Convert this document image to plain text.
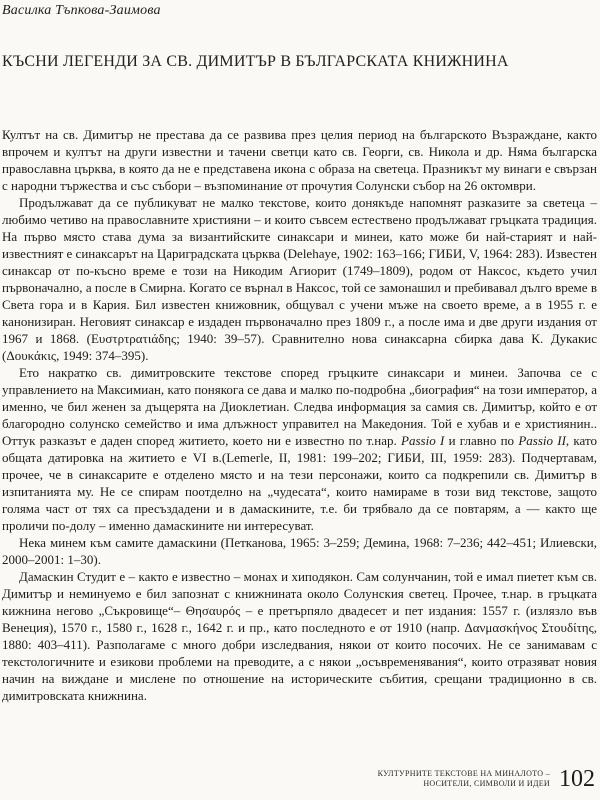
Василка Тъпкова-Заимова
КЪСНИ ЛЕГЕНДИ ЗА СВ. ДИМИТЪР В БЪЛГАРСКАТА КНИЖНИНА

Култът на св. Димитър не престава да се развива през целия период на българското Възраждане, както впрочем и култът на други известни и тачени светци като св. Георги, св. Никола и др. Няма българска православна църква, в която да не е представена икона с образа на светеца. Празникът му винаги е свързан с народни тържества и със събори – възпоминание от прочутия Солунски събор на 26 октомври.

Продължават да се публикуват не малко текстове, които донякъде напомнят разказите за светеца – любимо четиво на православните християни – и които съвсем естествено продължават гръцката традиция. На първо място става дума за византийските синаксари и минеи, като може би най-старият и най-известният е синаксарът на Цариградската църква (Delehaye, 1902: 163–166; ГИБИ, V, 1964: 283). Известен синаксар от по-късно време е този на Никодим Агиорит (1749–1809), родом от Наксос, където учил първоначално, а после в Смирна. Когато се върнал в Наксос, той се замонашил и пребивавал дълго време в Света гора и в Кария. Бил известен книжовник, общувал с учени мъже на своето време, а в 1955 г. е канонизиран. Неговият синаксар е издаден първоначално през 1809 г., а после има и две други издания от 1967 и 1868. (Ευστρτρατιάδης; 1940: 39–57). Сравнително нова синаксарна сбирка дава К. Дукакис (Δουκάκις, 1949: 374–395).

Ето накратко св. димитровските текстове според гръцките синаксари и минеи. Започва се с управлението на Максимиан, като понякога се дава и малко по-подробна „биография“ на този император, а именно, че бил женен за дъщерята на Диоклетиан. Следва информация за самия св. Димитър, който е от благородно солунско семейство и има длъжност управител на Македония. Той е хубав и е християнин.. Оттук разказът е даден според житието, което ни е известно по т.нар. Passio I и главно по Passio II, като общата датировка на житието е VI в.(Lemerle, II, 1981: 199–202; ГИБИ, III, 1959: 283). Подчертавам, прочее, че в синаксарите е отделено място и на тези персонажи, които са подкрепили св. Димитър в изпитанията му. Не се спирам поотделно на „чудесата“, които намираме в този вид текстове, защото голяма част от тях са пресъздадени и в дамаскините, т.е. би трябвало да се повтарям, а — както ще проличи по-долу – именно дамаскините ни интересуват.

Нека минем към самите дамаскини (Петканова, 1965: 3–259; Демина, 1968: 7–236; 442–451; Илиевски, 2000–2001: 1–30).

Дамаскин Студит е – както е известно – монах и хиподякон. Сам солунчанин, той е имал пиетет към св. Димитър и неминуемо е бил запознат с книжнината около Солунския светец. Прочее, т.нар. в гръцката кижнина негово „Съкровище“– Θησαυρός – е претърпяло двадесет и пет издания: 1557 г. (излязло във Венеция), 1570 г., 1580 г., 1628 г., 1642 г. и пр., като последното е от 1910 (напр. Δανμασκήνος Στουδίτης, 1880: 403–411). Разполагаме с много добри изследвания, някои от които посочих. Не се занимавам с текстологичните и езикови проблеми на преводите, а с някои „осъвременявания“, които отразяват новия начин на виждане и мислене по отношение на историческите събития, срещани традиционно в св. димитровската книжнина.

КУЛТУРНИТЕ ТЕКСТОВЕ НА МИНАЛОТО –
НОСИТЕЛИ, СИМВОЛИ И ИДЕИ 102
